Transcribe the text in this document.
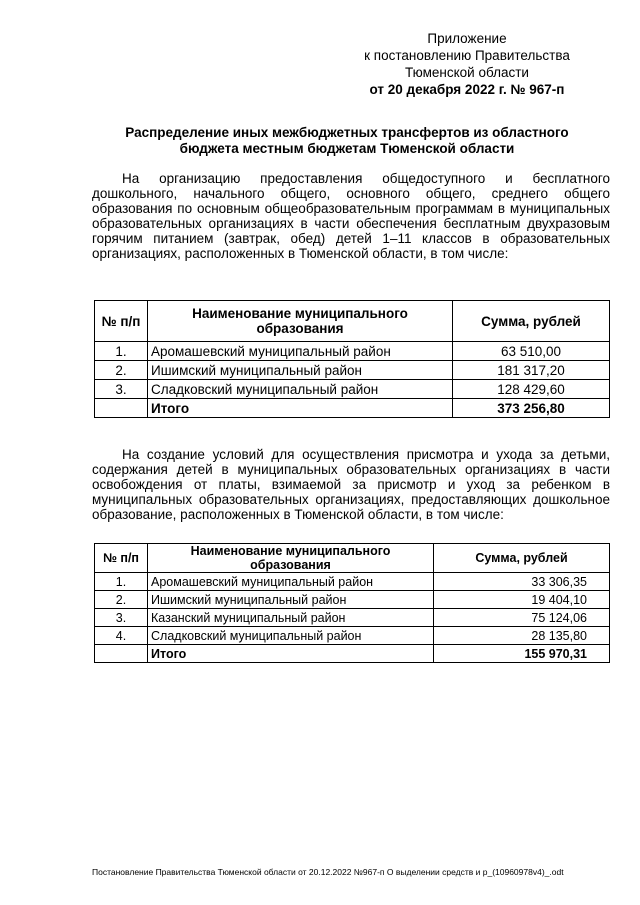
Приложение
к постановлению Правительства
Тюменской области
от 20 декабря 2022 г. № 967-п
Распределение иных межбюджетных трансфертов из областного
бюджета местным бюджетам Тюменской области
На организацию предоставления общедоступного и бесплатного дошкольного, начального общего, основного общего, среднего общего образования по основным общеобразовательным программам в муниципальных образовательных организациях в части обеспечения бесплатным двухразовым горячим питанием (завтрак, обед) детей 1–11 классов в образовательных организациях, расположенных в Тюменской области, в том числе:
№ п/п	Наименование муниципального образования	Сумма, рублей
1.	Аромашевский муниципальный район	63 510,00
2.	Ишимский муниципальный район	181 317,20
3.	Сладковский муниципальный район	128 429,60
	Итого	373 256,80
На создание условий для осуществления присмотра и ухода за детьми, содержания детей в муниципальных образовательных организациях в части освобождения от платы, взимаемой за присмотр и уход за ребенком в муниципальных образовательных организациях, предоставляющих дошкольное образование, расположенных в Тюменской области, в том числе:
№ п/п	Наименование муниципального образования	Сумма, рублей
1.	Аромашевский муниципальный район	33 306,35
2.	Ишимский муниципальный район	19 404,10
3.	Казанский муниципальный район	75 124,06
4.	Сладковский муниципальный район	28 135,80
	Итого	155 970,31
Постановление Правительства Тюменской области от 20.12.2022 №967-п О выделении средств и р_(10960978v4)_.odt
